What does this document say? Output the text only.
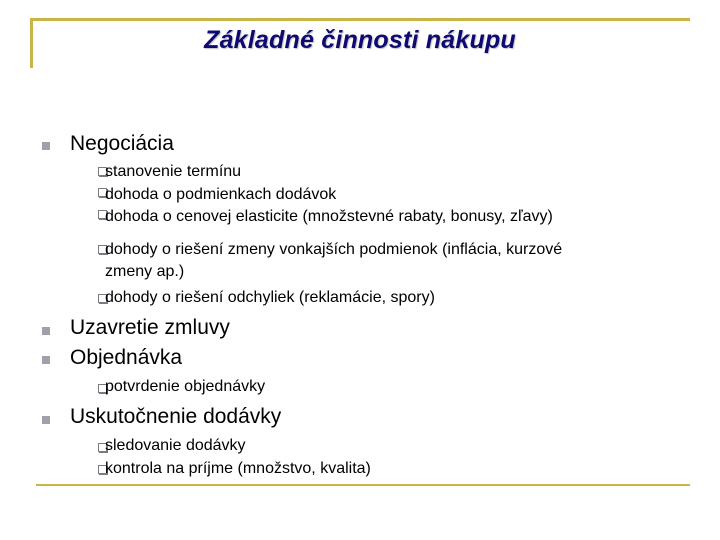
Základné činnosti nákupu
Negociácia
stanovenie termínu
dohoda o podmienkach dodávok
dohoda o cenovej elasticite (množstevné rabaty, bonusy, zľavy)
dohody o riešení zmeny vonkajších podmienok (inflácia, kurzové
zmeny ap.)
dohody o riešení odchyliek (reklamácie, spory)
Uzavretie zmluvy
Objednávka
potvrdenie objednávky
Uskutočnenie dodávky
sledovanie dodávky
kontrola na príjme (množstvo, kvalita)
